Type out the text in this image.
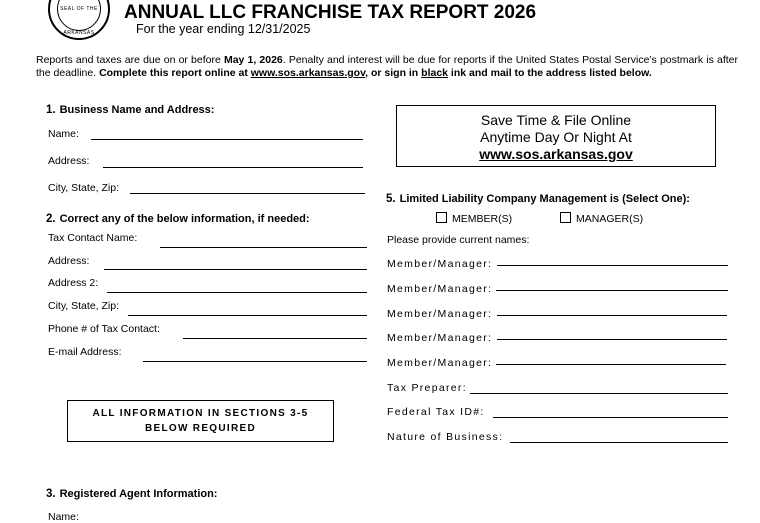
SEAL OF THE
ARKANSAS
ANNUAL LLC FRANCHISE TAX REPORT 2026
For the year ending 12/31/2025
Reports and taxes are due on or before May 1, 2026. Penalty and interest will be due for reports if the United States Postal Service’s postmark is after the deadline. Complete this report online at www.sos.arkansas.gov, or sign in black ink and mail to the address listed below.
1. Business Name and Address:
Name:
Address:
City, State, Zip:
2. Correct any of the below information, if needed:
Tax Contact Name:
Address:
Address 2:
City, State, Zip:
Phone # of Tax Contact:
E-mail Address:
ALL INFORMATION IN SECTIONS 3-5
BELOW REQUIRED
3. Registered Agent Information:
Name:
Save Time & File Online
Anytime Day Or Night At
www.sos.arkansas.gov
5. Limited Liability Company Management is (Select One):
MEMBER(S)	MANAGER(S)
Please provide current names:
Member/Manager:
Member/Manager:
Member/Manager:
Member/Manager:
Member/Manager:
Tax Preparer:
Federal Tax ID#:
Nature of Business:
